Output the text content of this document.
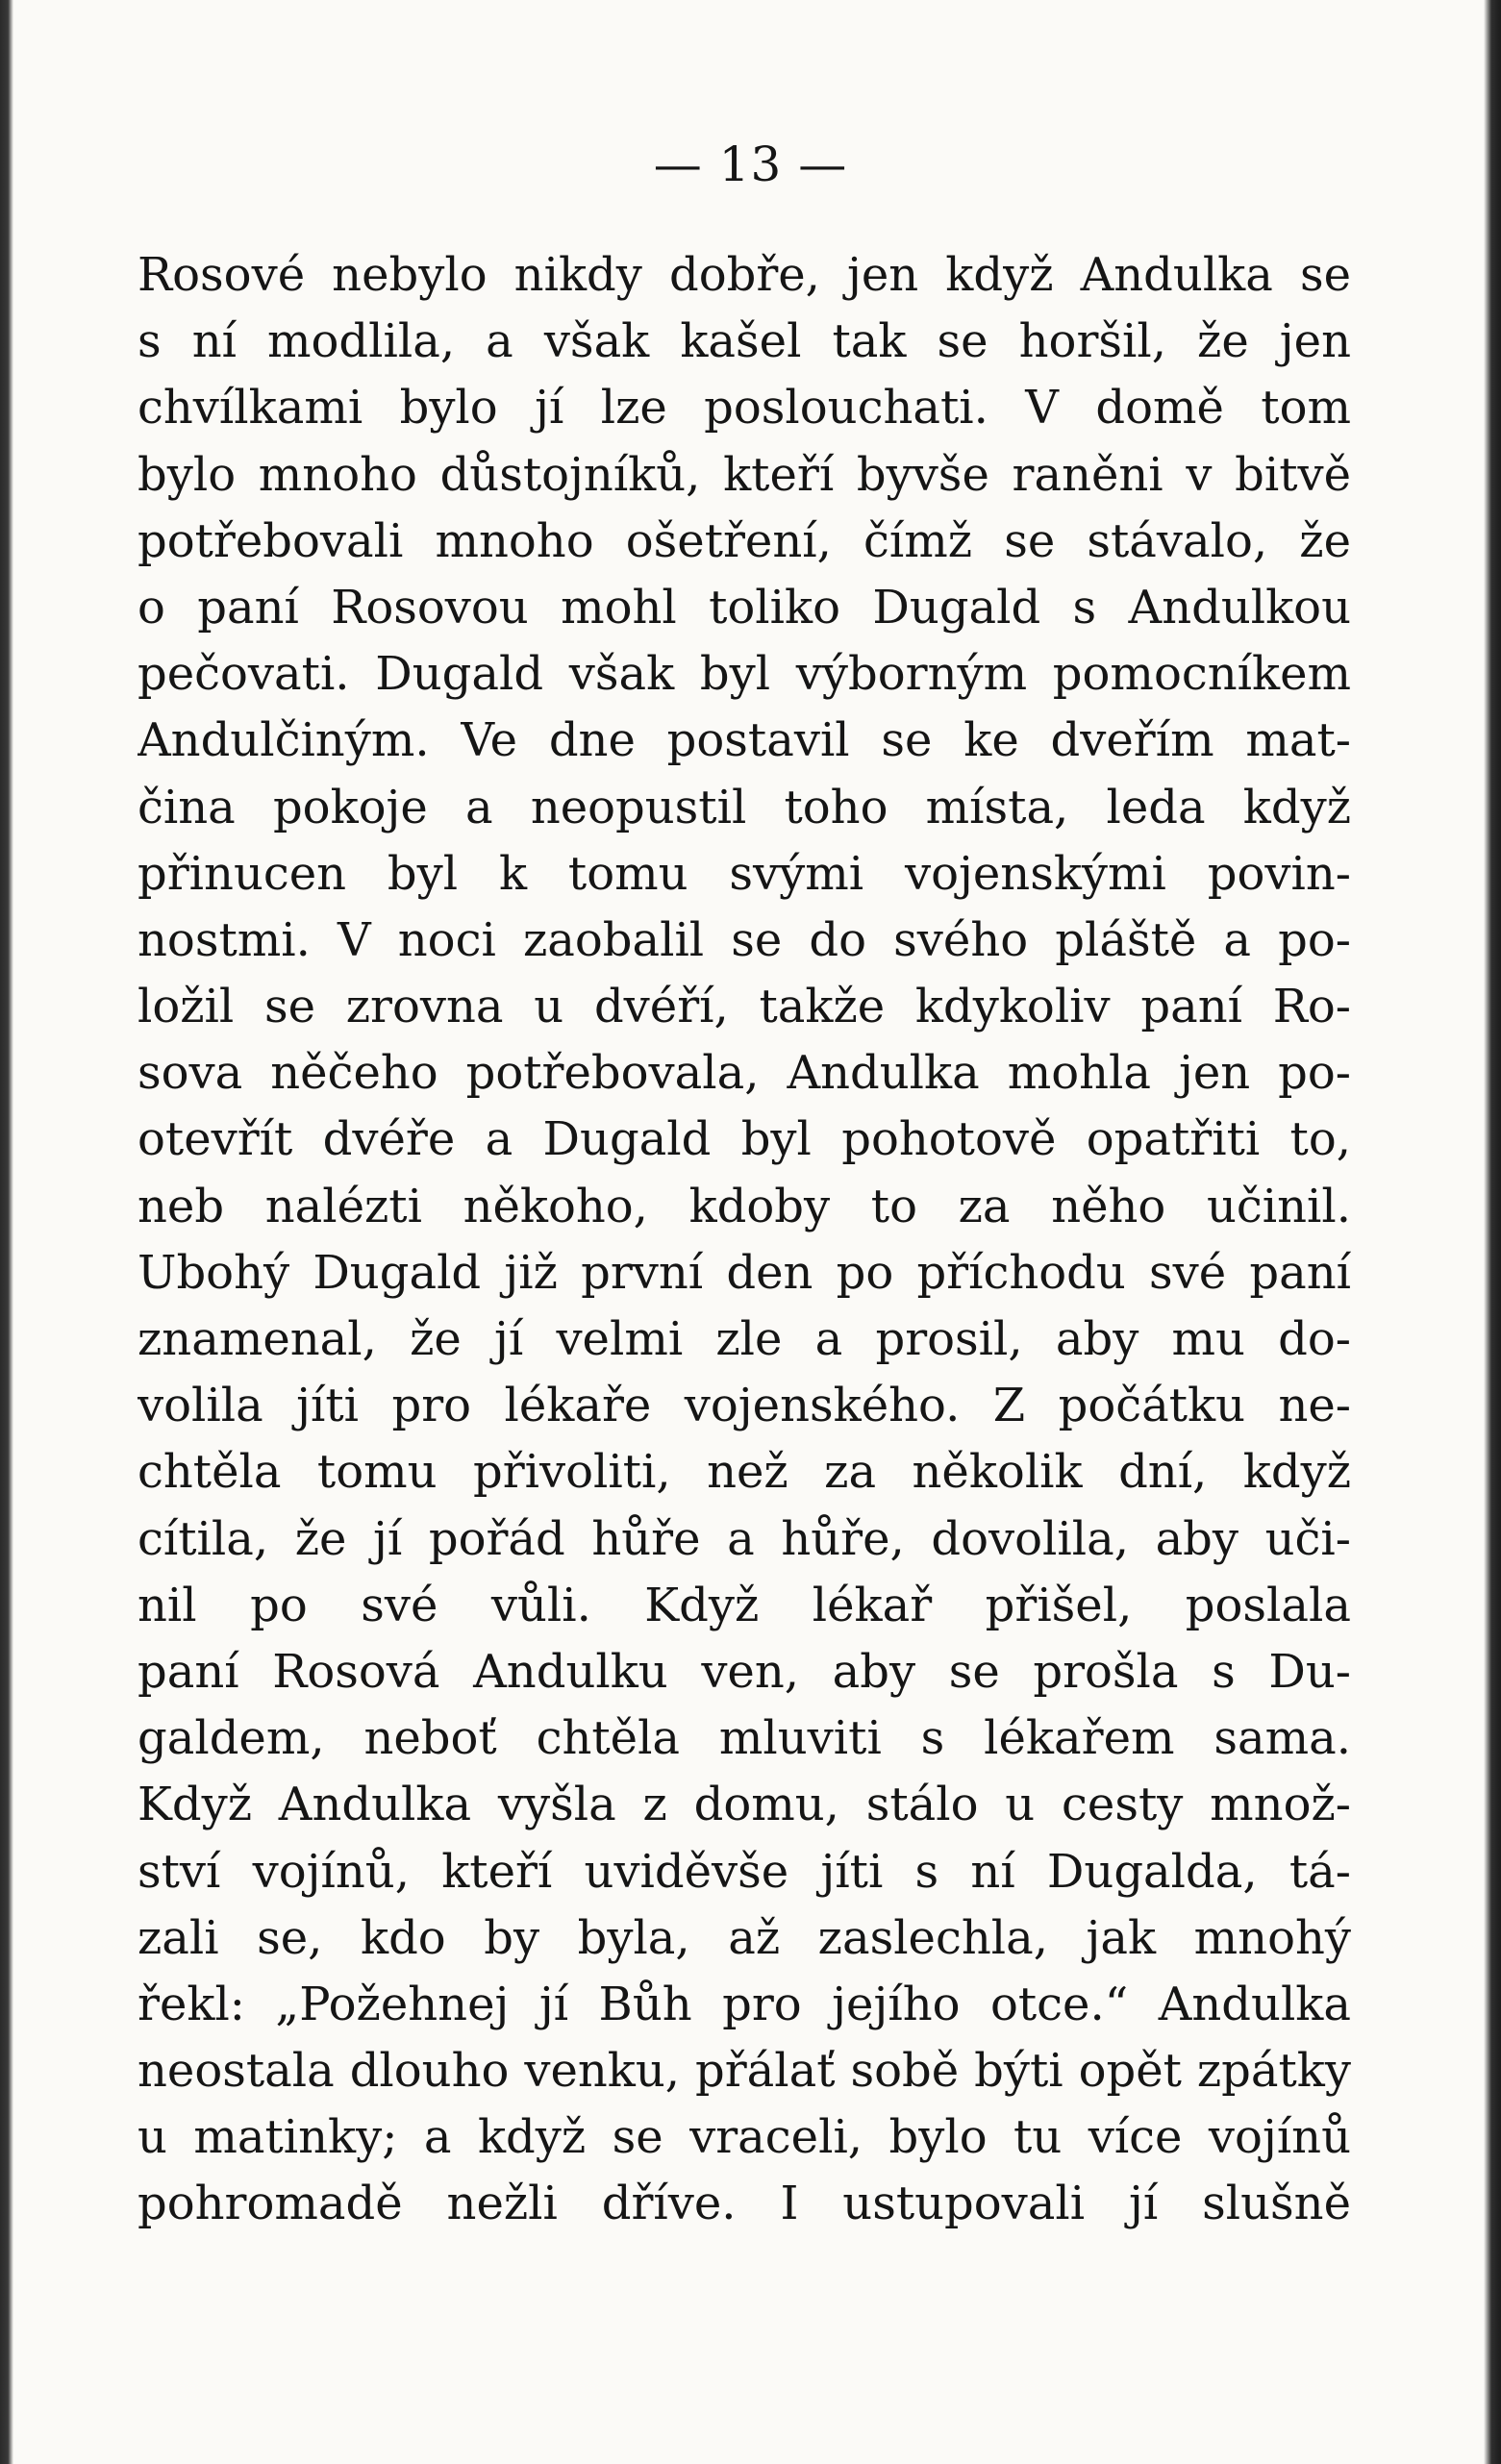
— 13 —
Rosové nebylo nikdy dobře, jen když Andulka se
s ní modlila, a však kašel tak se horšil, že jen
chvílkami bylo jí lze poslouchati. V domě tom
bylo mnoho důstojníků, kteří byvše raněni v bitvě
potřebovali mnoho ošetření, čímž se stávalo, že
o paní Rosovou mohl toliko Dugald s Andulkou
pečovati. Dugald však byl výborným pomocníkem
Andulčiným. Ve dne postavil se ke dveřím mat-
čina pokoje a neopustil toho místa, leda když
přinucen byl k tomu svými vojenskými povin-
nostmi. V noci zaobalil se do svého pláště a po-
ložil se zrovna u dvéří, takže kdykoliv paní Ro-
sova něčeho potřebovala, Andulka mohla jen po-
otevřít dvéře a Dugald byl pohotově opatřiti to,
neb nalézti někoho, kdoby to za něho učinil.
Ubohý Dugald již první den po příchodu své paní
znamenal, že jí velmi zle a prosil, aby mu do-
volila jíti pro lékaře vojenského. Z počátku ne-
chtěla tomu přivoliti, než za několik dní, když
cítila, že jí pořád hůře a hůře, dovolila, aby uči-
nil po své vůli. Když lékař přišel, poslala
paní Rosová Andulku ven, aby se prošla s Du-
galdem, neboť chtěla mluviti s lékařem sama.
Když Andulka vyšla z domu, stálo u cesty množ-
ství vojínů, kteří uviděvše jíti s ní Dugalda, tá-
zali se, kdo by byla, až zaslechla, jak mnohý
řekl: „Požehnej jí Bůh pro jejího otce.“ Andulka
neostala dlouho venku, přálať sobě býti opět zpátky
u matinky; a když se vraceli, bylo tu více vojínů
pohromadě nežli dříve. I ustupovali jí slušně
